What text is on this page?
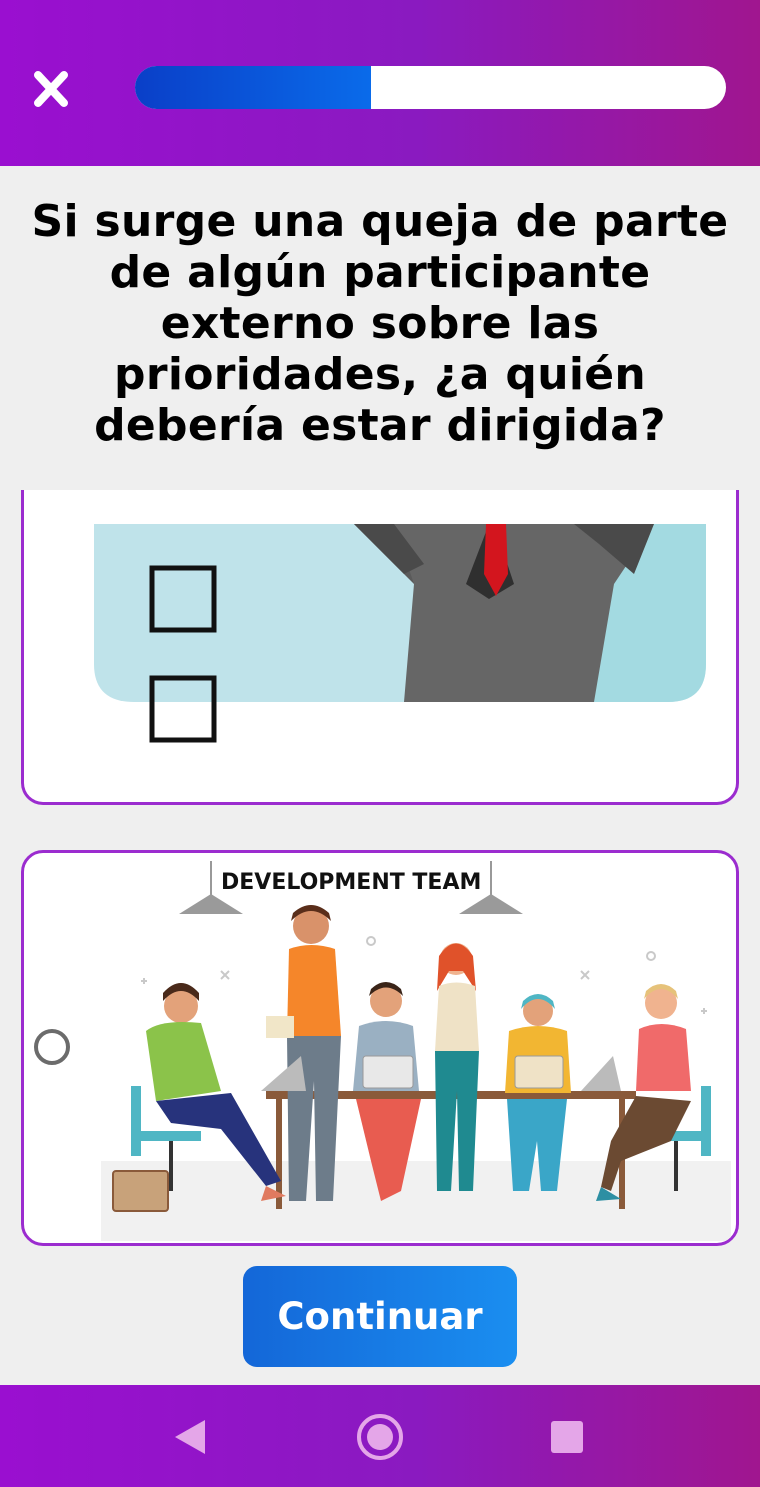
Si surge una queja de parte de algún participante externo sobre las prioridades, ¿a quién debería estar dirigida?
DEVELOPMENT TEAM
Continuar
